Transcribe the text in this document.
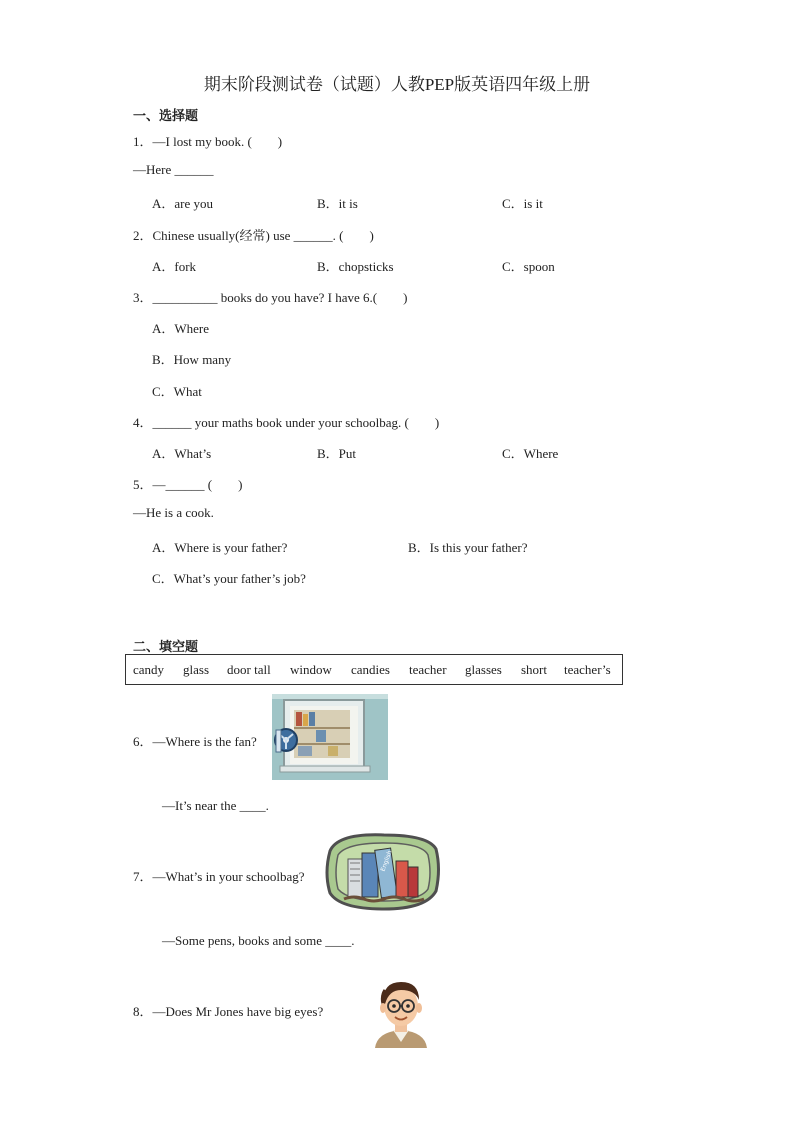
期末阶段测试卷（试题）人教PEP版英语四年级上册
一、选择题
1．—I lost my book. (　　)
—Here ______
A．are you	B．it is	C．is it
2．Chinese usually(经常) use ______. (　　)
A．fork	B．chopsticks	C．spoon
3．__________ books do you have? I have 6.(　　)
A．Where
B．How many
C．What
4．______ your maths book under your schoolbag. (　　)
A．What’s	B．Put	C．Where
5．—______ (　　)
—He is a cook.
A．Where is your father?	B．Is this your father?
C．What’s your father’s job?
二、填空题
candy glass door tall window candies teacher glasses short teacher’s
6．—Where is the fan?
—It’s near the ____.
7．—What’s in your schoolbag?
English
—Some pens, books and some ____.
8．—Does Mr Jones have big eyes?
